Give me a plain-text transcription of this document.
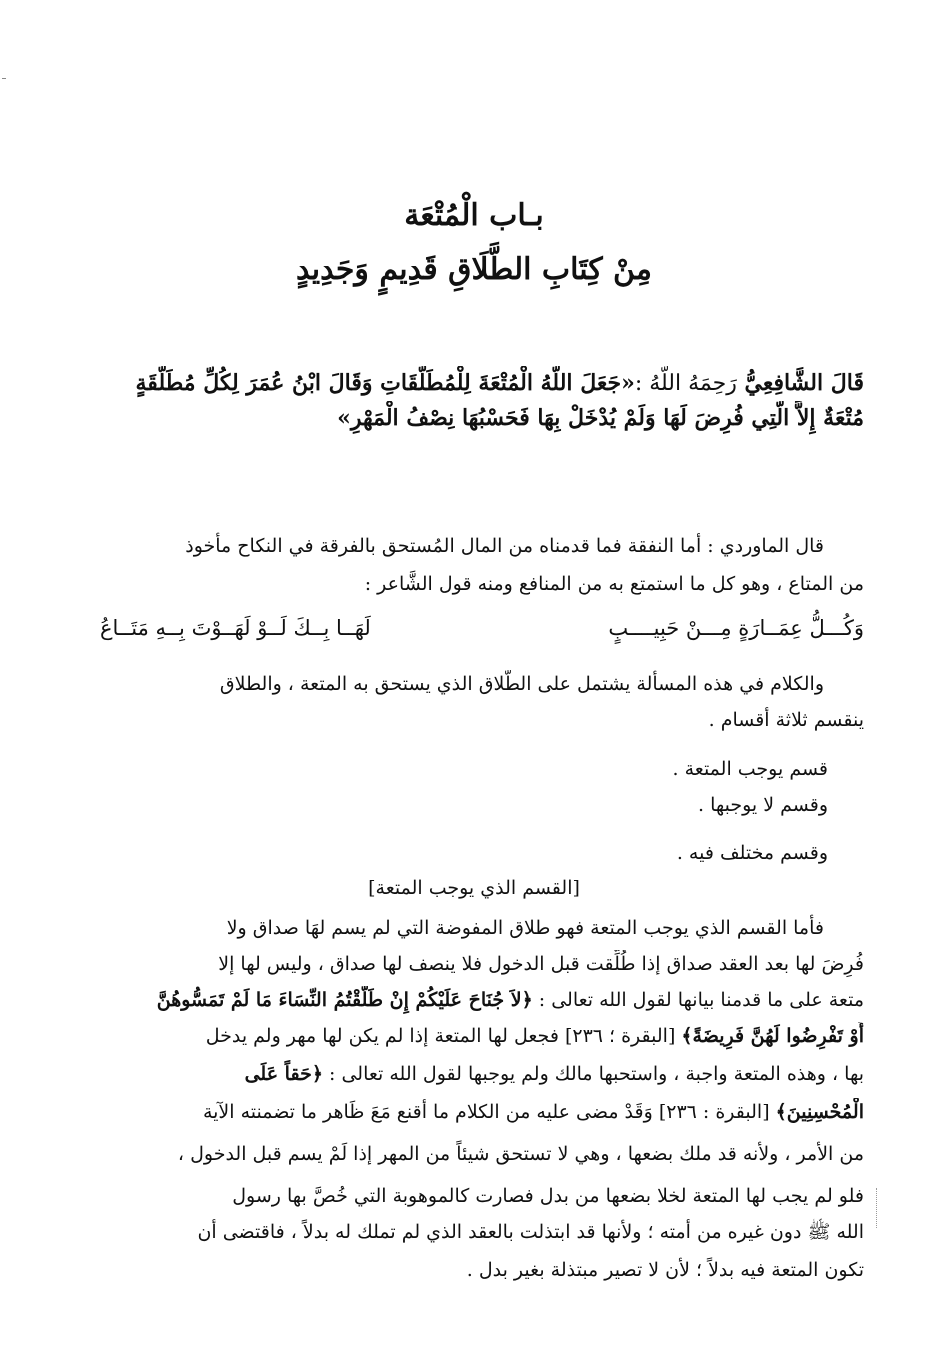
بـاب الْمُتْعَة
مِنْ كِتَابِ الطَّلَاقِ قَدِيمٍ وَجَدِيدٍ
قَالَ الشَّافِعِيُّ رَحِمَهُ اللَّهُ :«جَعَلَ اللَّهُ الْمُتْعَةَ لِلْمُطَلَّقَاتِ وَقَالَ ابْنُ عُمَرَ لِكُلِّ مُطَلَّقَةٍ
مُتْعَةٌ إِلاَّ الَّتِي فُرِضَ لَهَا وَلَمْ يُدْخَلْ بِهَا فَحَسْبُهَا نِصْفُ الْمَهْرِ»
قال الماوردي : أما النفقة فما قدمناه من المال المُستحق بالفرقة في النكاح مأخوذ
من المتاع ، وهو كل ما استمتع به من المنافع ومنه قول الشَّاعر :
وَكُـــلُّ عِمَــارَةٍ مِـــنْ حَبِيــــبٍ
لَهَــا بِــكَ لَــوْ لَهَــوْتَ بِــهِ مَتَــاعُ
والكلام في هذه المسألة يشتمل على الطَّلاق الذي يستحق به المتعة ، والطلاق
ينقسم ثلاثة أقسام .
قسم يوجب المتعة .
وقسم لا يوجبها .
وقسم مختلف فيه .
[القسم الذي يوجب المتعة]
فأما القسم الذي يوجب المتعة فهو طلاق المفوضة التي لم يسم لهَا صداق ولا
فُرِضَ لها بعد العقد صداق إذا طُلِّقت قبل الدخول فلا ينصف لها صداق ، وليس لها إلا
متعة على ما قدمنا بيانها لقول الله تعالى : ﴿لاَ جُنَاحَ عَلَيْكُمْ إِنْ طَلَّقْتُمُ النِّسَاءَ مَا لَمْ تَمَسُّوهُنَّ
أَوْ تَفْرِضُوا لَهُنَّ فَرِيضَةً﴾ [البقرة ؛ ٢٣٦] فجعل لها المتعة إذا لم يكن لها مهر ولم يدخل
بها ، وهذه المتعة واجبة ، واستحبها مالك ولم يوجبها لقول الله تعالى : ﴿حَقاً عَلَى
الْمُحْسِنِينَ﴾ [البقرة : ٢٣٦] وَقَدْ مضى عليه من الكلام ما أقنع مَعَ ظَاهر ما تضمنته الآية
من الأمر ، ولأنه قد ملك بضعها ، وهي لا تستحق شيئاً من المهر إذا لَمْ يسم قبل الدخول ،
فلو لم يجب لها المتعة لخلا بضعها من بدل فصارت كالموهوبة التي خُصَّ بها رسول
الله ﷺ دون غيره من أمته ؛ ولأنها قد ابتذلت بالعقد الذي لم تملك له بدلاً ، فاقتضى أن
تكون المتعة فيه بدلاً ؛ لأن لا تصير مبتذلة بغير بدل .
